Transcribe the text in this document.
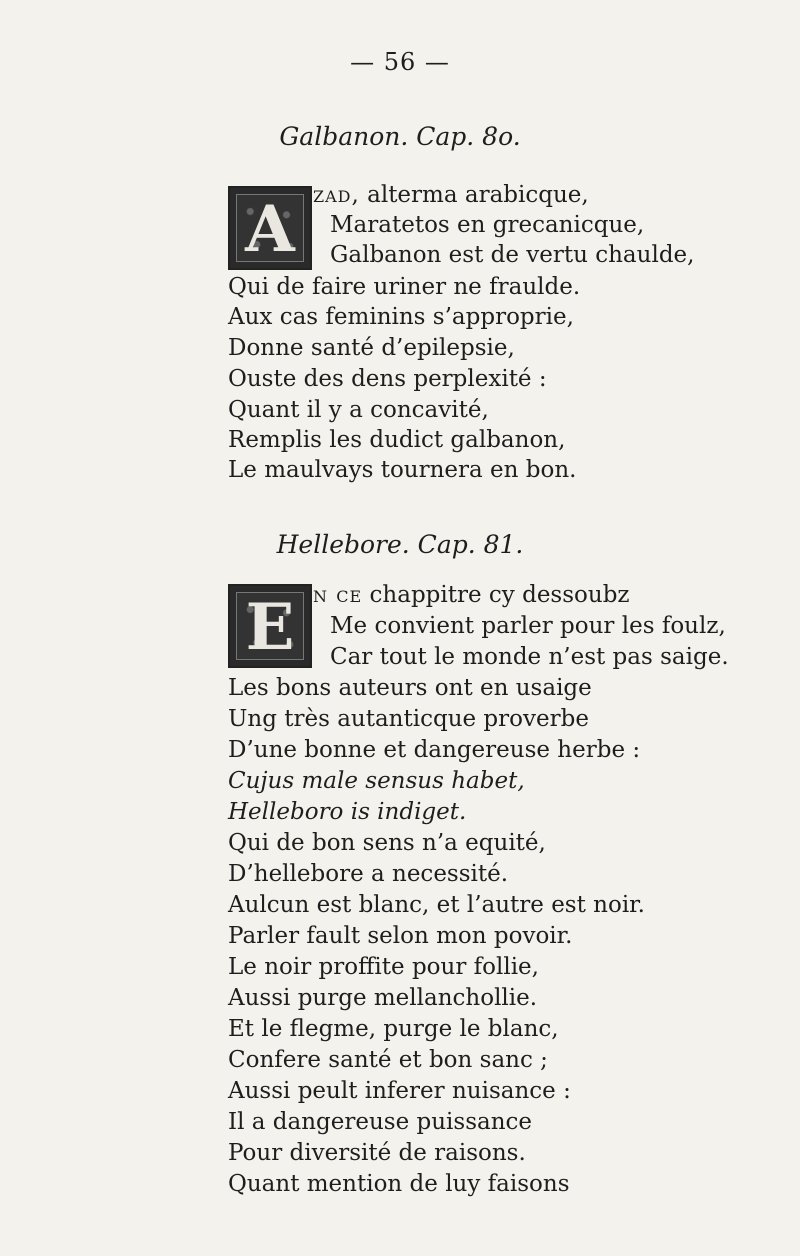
— 56 —
Galbanon. Cap. 8o.
A zad, alterma arabicque,
Maratetos en grecanicque,
Galbanon est de vertu chaulde,
Qui de faire uriner ne fraulde.
Aux cas feminins s’approprie,
Donne santé d’epilepsie,
Ouste des dens perplexité :
Quant il y a concavité,
Remplis les dudict galbanon,
Le maulvays tournera en bon.
Hellebore. Cap. 81.
E n ce chappitre cy dessoubz
Me convient parler pour les foulz,
Car tout le monde n’est pas saige.
Les bons auteurs ont en usaige
Ung très autanticque proverbe
D’une bonne et dangereuse herbe :
Cujus male sensus habet,
Helleboro is indiget.
Qui de bon sens n’a equité,
D’hellebore a necessité.
Aulcun est blanc, et l’autre est noir.
Parler fault selon mon povoir.
Le noir proffite pour follie,
Aussi purge mellanchollie.
Et le flegme, purge le blanc,
Confere santé et bon sanc ;
Aussi peult inferer nuisance :
Il a dangereuse puissance
Pour diversité de raisons.
Quant mention de luy faisons
